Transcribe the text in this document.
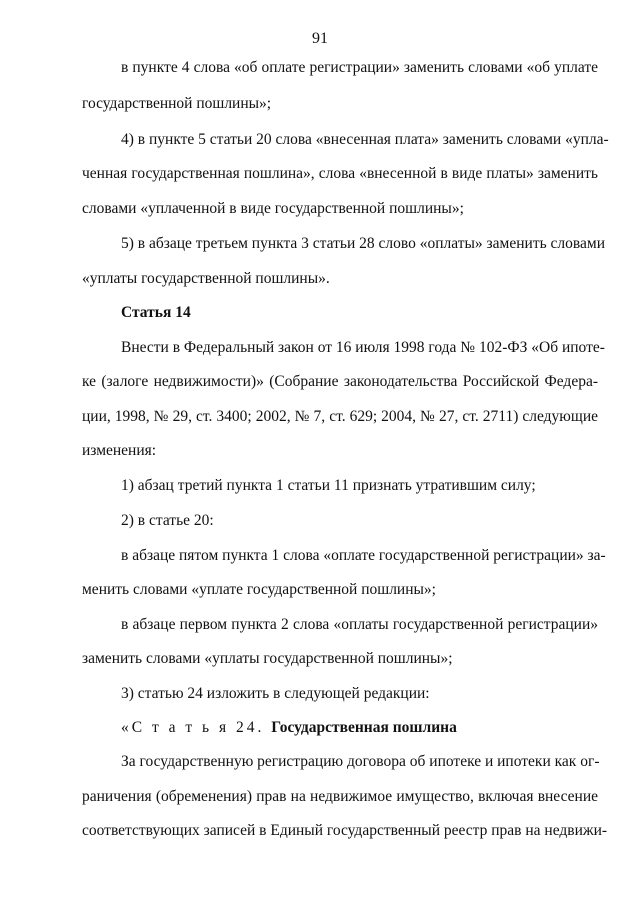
91
в пункте 4 слова «об оплате регистрации» заменить словами «об уплате
государственной пошлины»;
4) в пункте 5 статьи 20 слова «внесенная плата» заменить словами «упла-
ченная государственная пошлина», слова «внесенной в виде платы» заменить
словами «уплаченной в виде государственной пошлины»;
5) в абзаце третьем пункта 3 статьи 28 слово «оплаты» заменить словами
«уплаты государственной пошлины».
Статья 14
Внести в Федеральный закон от 16 июля 1998 года № 102-ФЗ «Об ипоте-
ке (залоге недвижимости)» (Собрание законодательства Российской Федера-
ции, 1998, № 29, ст. 3400; 2002, № 7, ст. 629; 2004, № 27, ст. 2711) следующие
изменения:
1) абзац третий пункта 1 статьи 11 признать утратившим силу;
2) в статье 20:
в абзаце пятом пункта 1 слова «оплате государственной регистрации» за-
менить словами «уплате государственной пошлины»;
в абзаце первом пункта 2 слова «оплаты государственной регистрации»
заменить словами «уплаты государственной пошлины»;
3) статью 24 изложить в следующей редакции:
«С т а т ь я 24. Государственная пошлина
За государственную регистрацию договора об ипотеке и ипотеки как ог-
раничения (обременения) прав на недвижимое имущество, включая внесение
соответствующих записей в Единый государственный реестр прав на недвижи-
